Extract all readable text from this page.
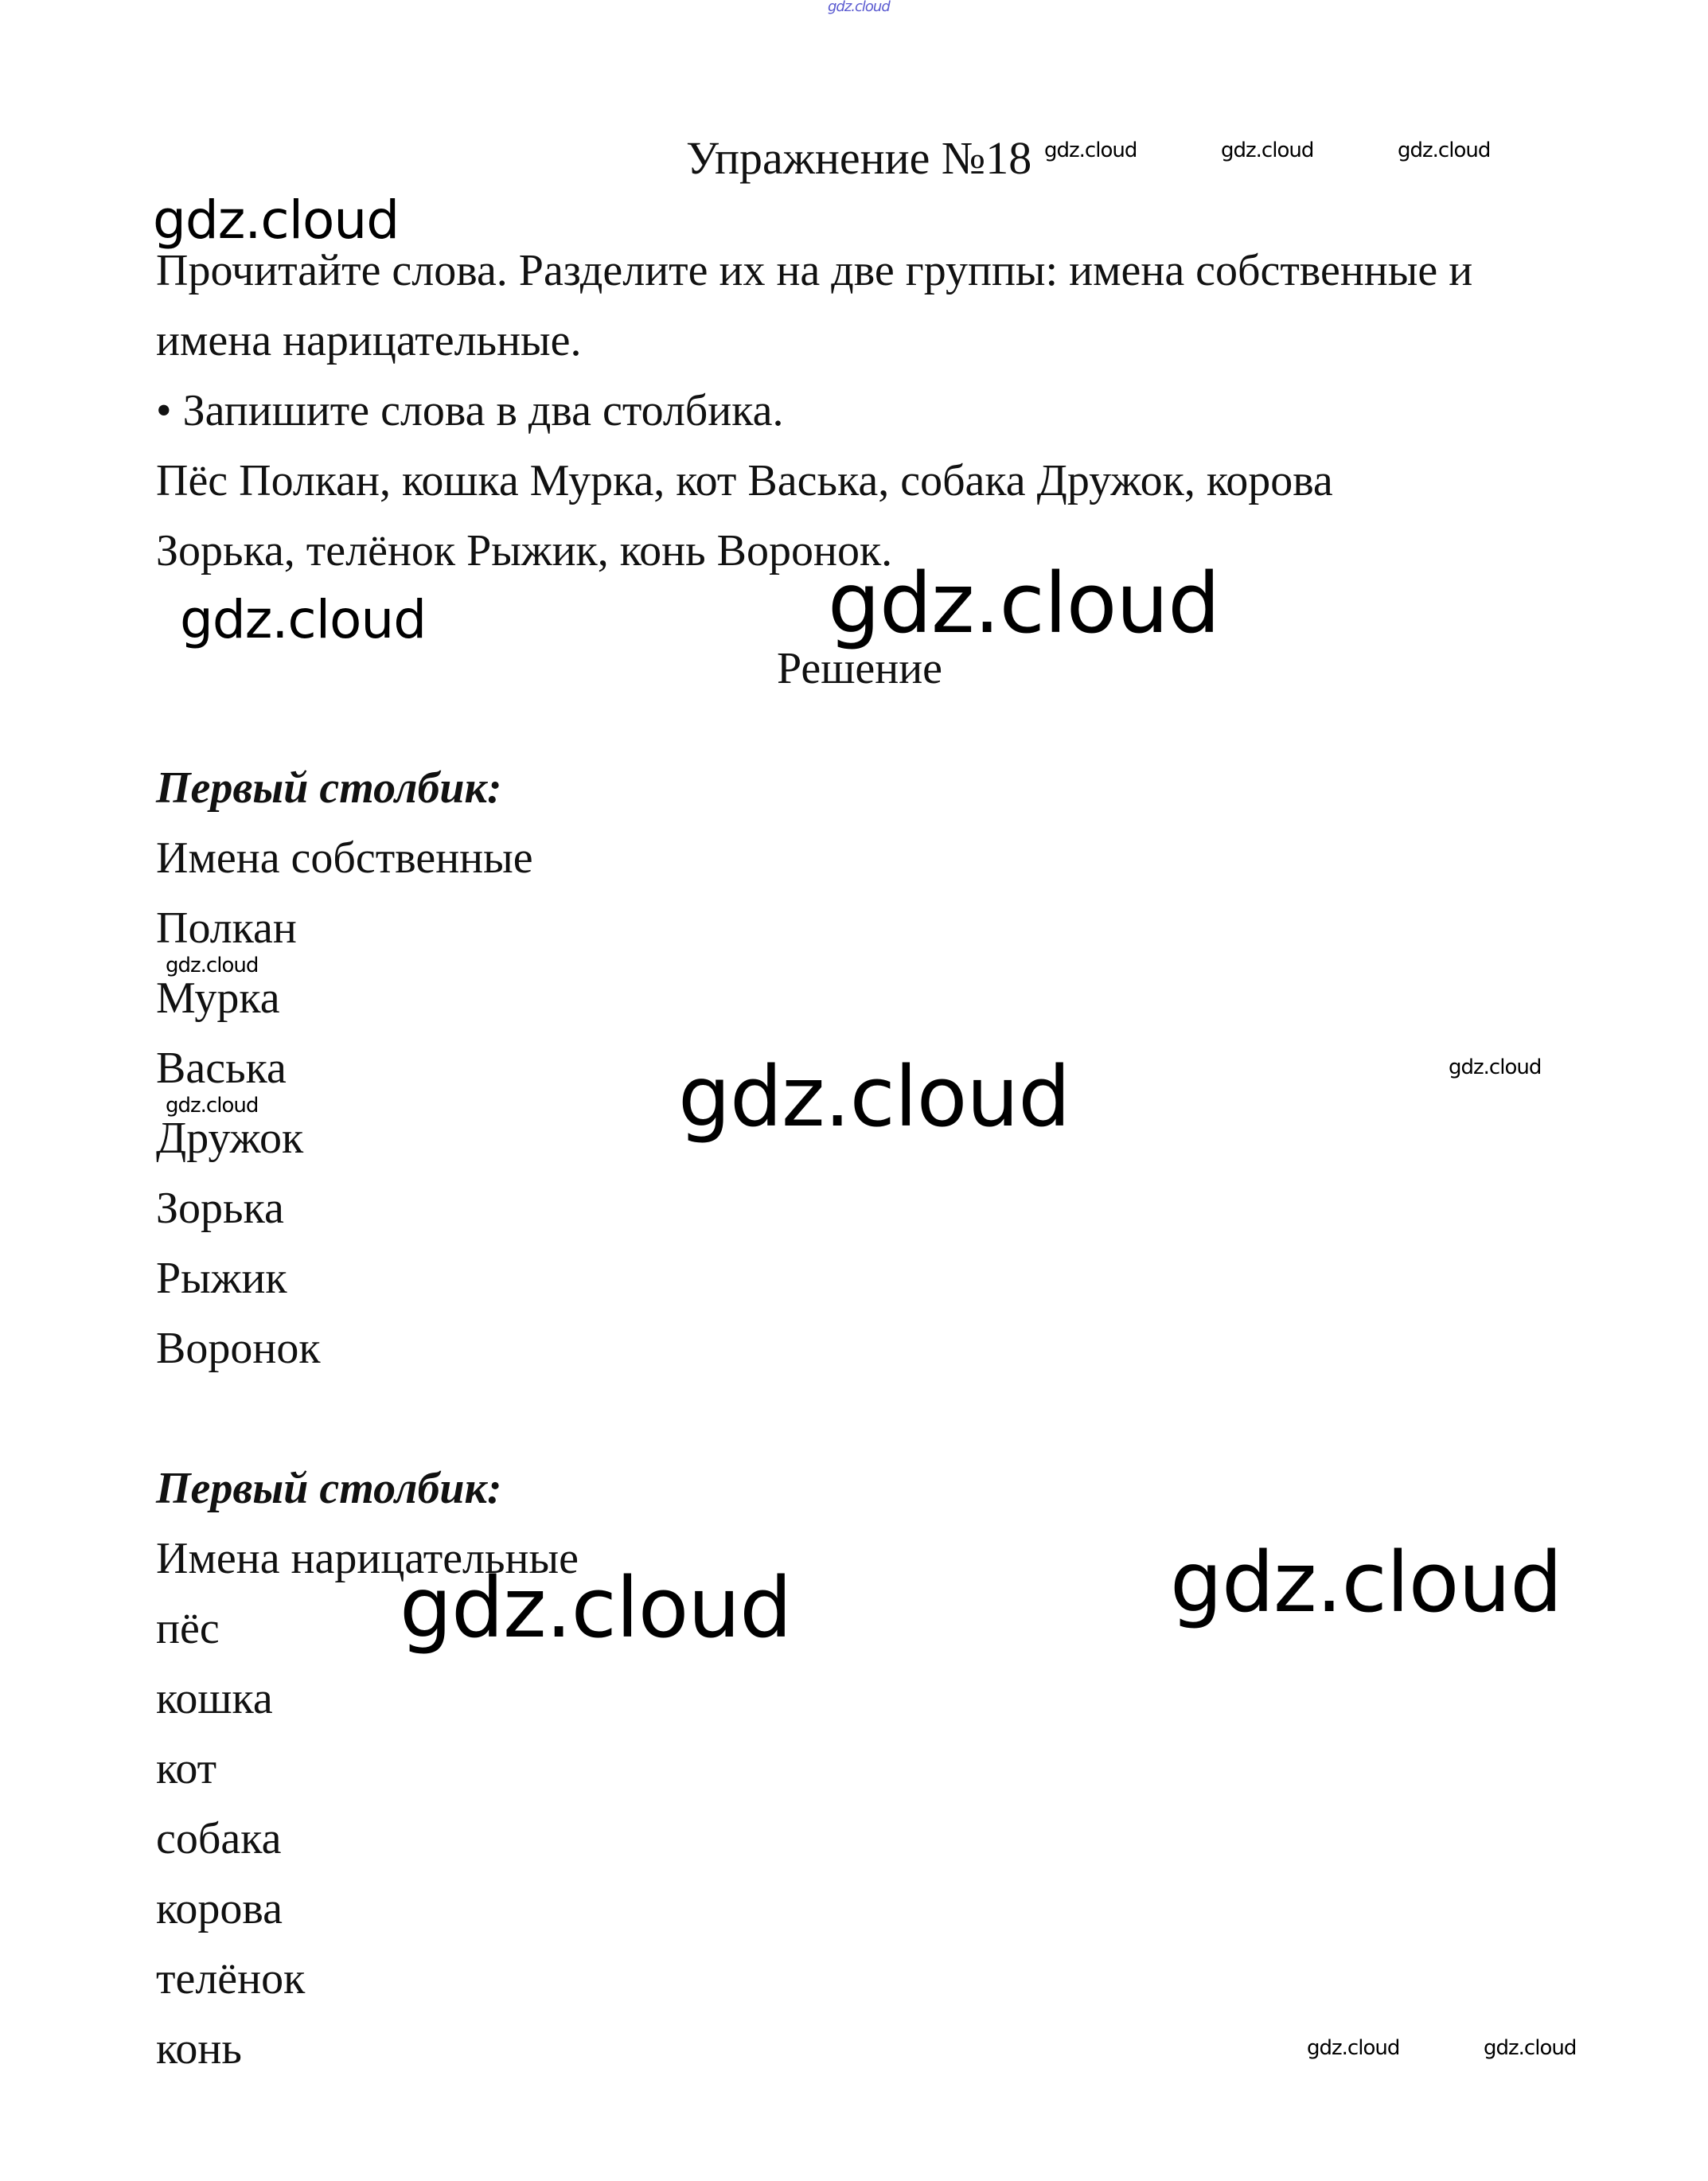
gdz.cloud
Упражнение №18 gdz.cloud	gdz.cloud	gdz.cloud
gdz.cloud
Прочитайте слова. Разделите их на две группы: имена собственные и
имена нарицательные.
• Запишите слова в два столбика.
Пёс Полкан, кошка Мурка, кот Васька, собака Дружок, корова
Зорька, телёнок Рыжик, конь Воронок.
gdz.cloud	gdz.cloud
Решение
Первый столбик:
Имена собственные
Полкан
Мурка
Васька
Дружок
Зорька
Рыжик
Воронок
gdz.cloud
gdz.cloud	gdz.cloud	gdz.cloud
Первый столбик:
Имена нарицательные
пёс
кошка
кот
собака
корова
телёнок
конь
gdz.cloud	gdz.cloud
gdz.cloud	gdz.cloud
